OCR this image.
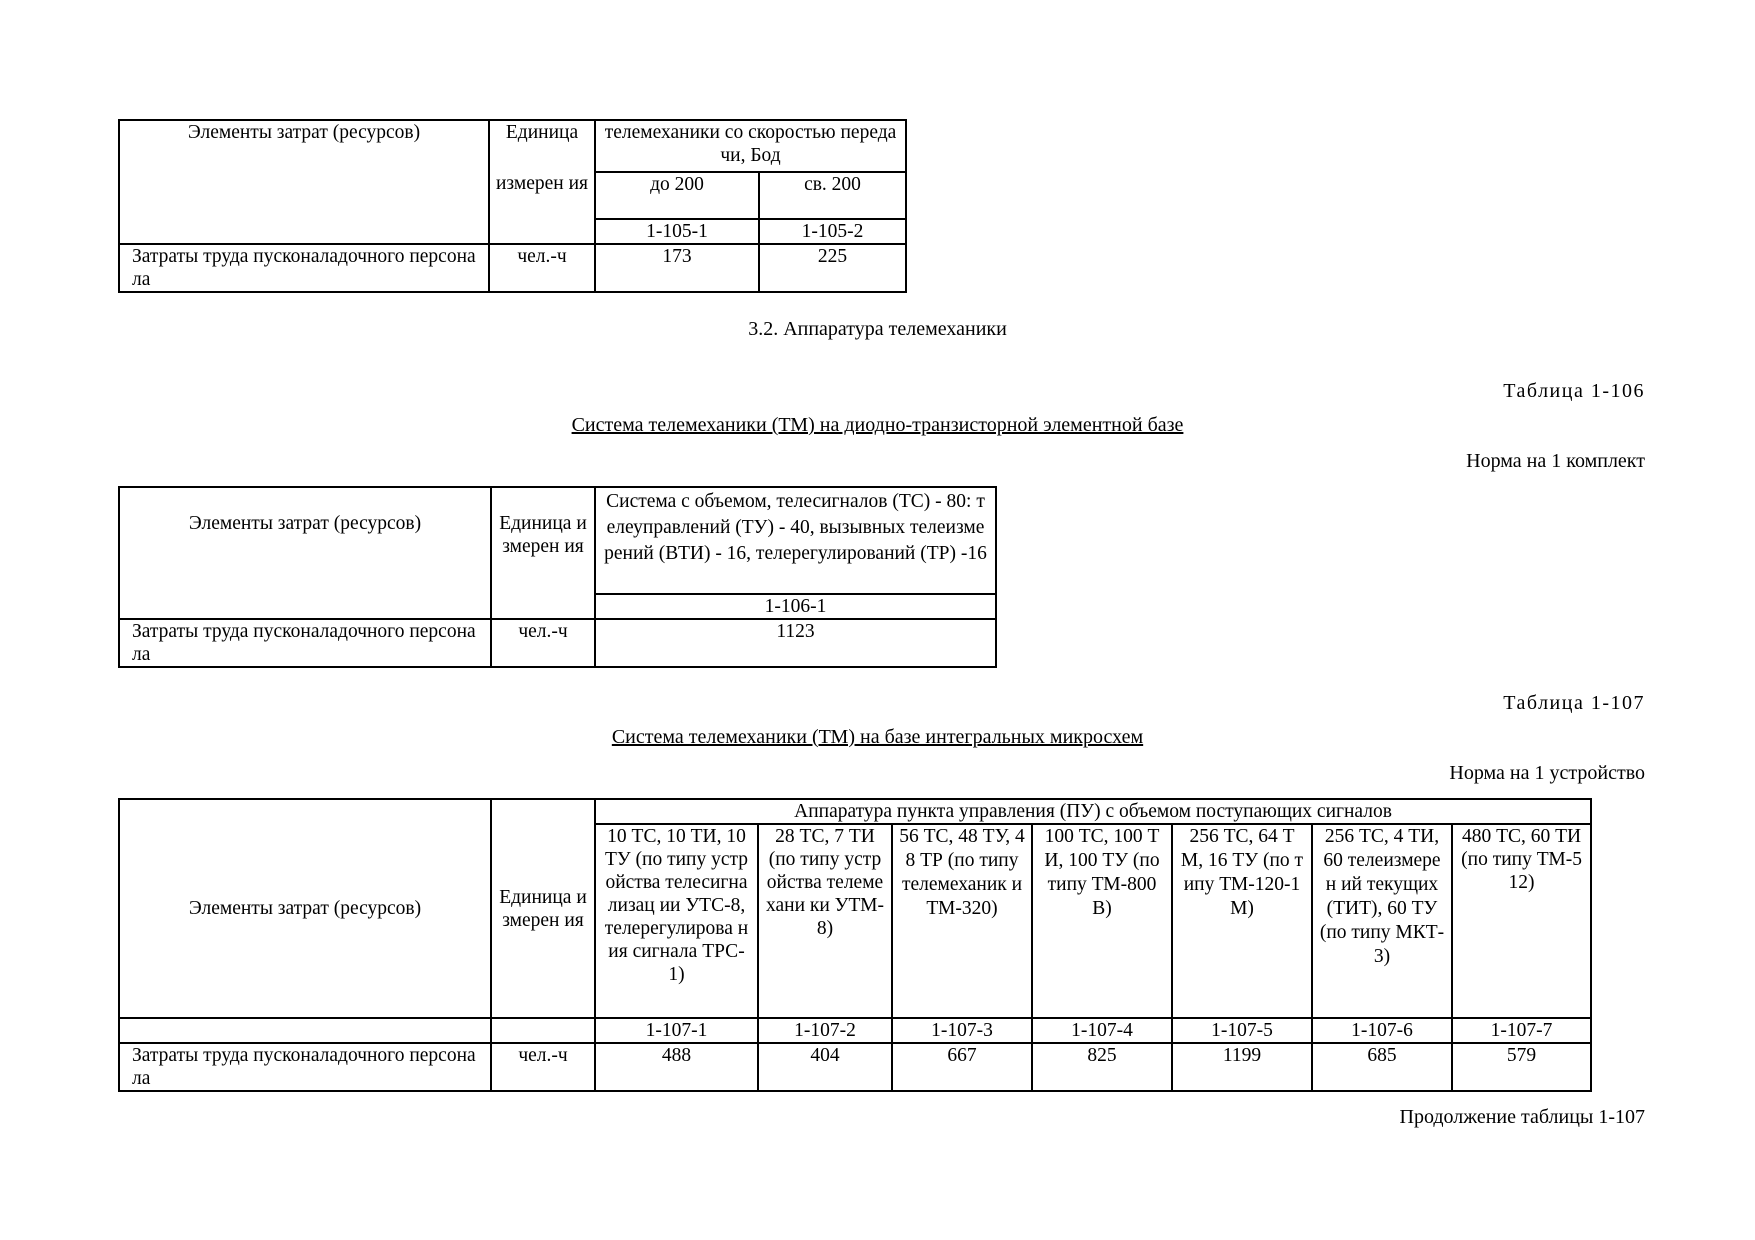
Элементы затрат (ресурсов)	Единица	телемеханики со скоростью передачи, Бод	
	измерен ия	до 200	св. 200
		1-105-1	1-105-2
Затраты труда пусконаладочного персонала	чел.-ч	173	225
3.2. Аппаратура телемеханики
Таблица 1-106
Система телемеханики (ТМ) на диодно-транзисторной элементной базе
Норма на 1 комплект
Элементы затрат (ресурсов)	Единица измерен ия	Система с объемом, телесигналов (ТС) - 80: телеуправлений (ТУ) - 40, вызывных телеизмерений (ВТИ) - 16, телерегулирований (ТР) -16
		1-106-1
Затраты труда пусконаладочного персонала	чел.-ч	1123
Таблица 1-107
Система телемеханики (ТМ) на базе интегральных микросхем
Норма на 1 устройство
Элементы затрат (ресурсов)	Единица измерен ия	Аппаратура пункта управления (ПУ) с объемом поступающих сигналов						
		10 ТС, 10 ТИ, 10 ТУ (по типу устройства телесигнализац ии УТС-8, телерегулирова ния сигнала ТРС-1)	28 ТС, 7 ТИ (по типу устройства телемехани ки УТМ-8)	56 ТС, 48 ТУ, 48 ТР (по типу телемеханик и ТМ-320)	100 ТС, 100 ТИ, 100 ТУ (по типу ТМ-800В)	256 ТС, 64 ТМ, 16 ТУ (по типу ТМ-120-1М)	256 ТС, 4 ТИ, 60 телеизмерен ий текущих (ТИТ), 60 ТУ (по типу МКТ-3)	480 ТС, 60 ТИ (по типу ТМ-512)
		1-107-1	1-107-2	1-107-3	1-107-4	1-107-5	1-107-6	1-107-7
Затраты труда пусконаладочного персонала	чел.-ч	488	404	667	825	1199	685	579
Продолжение таблицы 1-107
